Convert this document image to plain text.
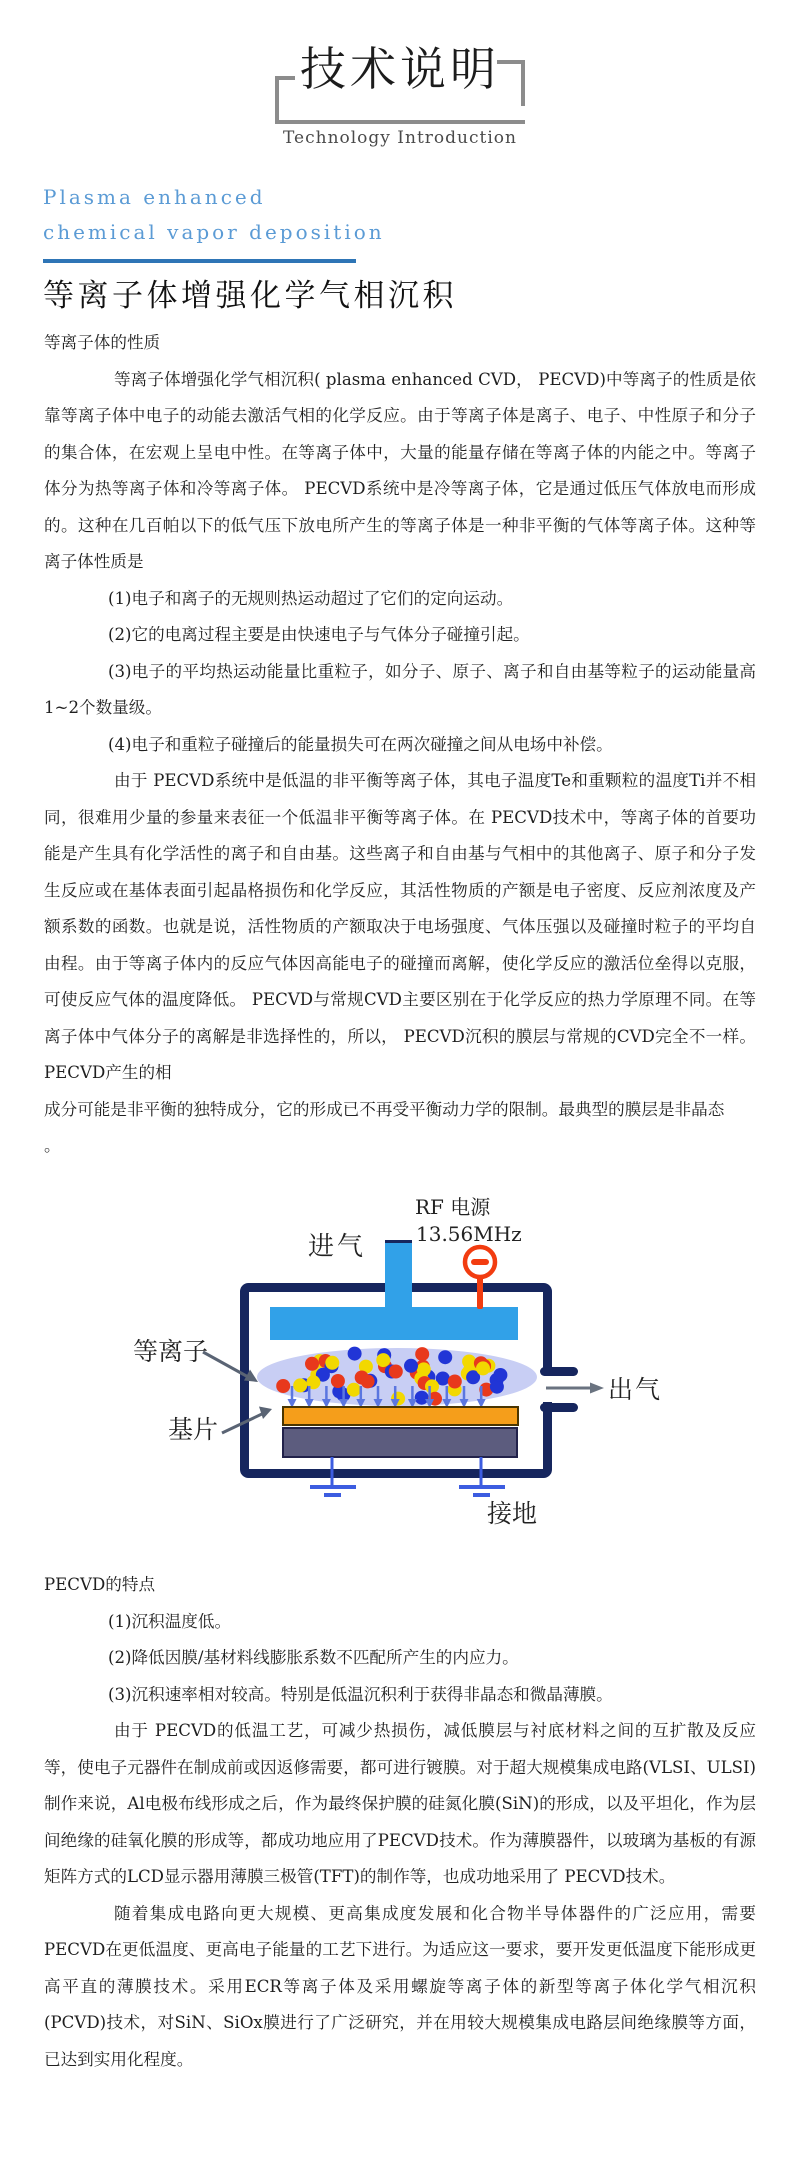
技术说明
Technology Introduction
Plasma enhanced
chemical vapor deposition
等离子体增强化学气相沉积

等离子体的性质

等离子体增强化学气相沉积( plasma enhanced CVD， PECVD)中等离子的性质是依靠等离子体中电子的动能去激活气相的化学反应。由于等离子体是离子、电子、中性原子和分子的集合体，在宏观上呈电中性。在等离子体中，大量的能量存储在等离子体的内能之中。等离子体分为热等离子体和冷等离子体。 PECVD系统中是冷等离子体，它是通过低压气体放电而形成的。这种在几百帕以下的低气压下放电所产生的等离子体是一种非平衡的气体等离子体。这种等离子体性质是

(1)电子和离子的无规则热运动超过了它们的定向运动。

(2)它的电离过程主要是由快速电子与气体分子碰撞引起。

(3)电子的平均热运动能量比重粒子，如分子、原子、离子和自由基等粒子的运动能量高1~2个数量级。

(4)电子和重粒子碰撞后的能量损失可在两次碰撞之间从电场中补偿。

由于 PECVD系统中是低温的非平衡等离子体，其电子温度Te和重颗粒的温度Ti并不相同，很难用少量的参量来表征一个低温非平衡等离子体。在 PECVD技术中，等离子体的首要功能是产生具有化学活性的离子和自由基。这些离子和自由基与气相中的其他离子、原子和分子发生反应或在基体表面引起晶格损伤和化学反应，其活性物质的产额是电子密度、反应剂浓度及产额系数的函数。也就是说，活性物质的产额取决于电场强度、气体压强以及碰撞时粒子的平均自由程。由于等离子体内的反应气体因高能电子的碰撞而离解，使化学反应的激活位垒得以克服，可使反应气体的温度降低。 PECVD与常规CVD主要区别在于化学反应的热力学原理不同。在等离子体中气体分子的离解是非选择性的，所以， PECVD沉积的膜层与常规的CVD完全不一样。 PECVD产生的相

成分可能是非平衡的独特成分，它的形成已不再受平衡动力学的限制。最典型的膜层是非晶态

。

PECVD的特点

(1)沉积温度低。

(2)降低因膜/基材料线膨胀系数不匹配所产生的内应力。

(3)沉积速率相对较高。特别是低温沉积利于获得非晶态和微晶薄膜。

由于 PECVD的低温工艺，可减少热损伤，减低膜层与衬底材料之间的互扩散及反应等，使电子元器件在制成前或因返修需要，都可进行镀膜。对于超大规模集成电路(VLSI、ULSI)制作来说，Al电极布线形成之后，作为最终保护膜的硅氮化膜(SiN)的形成，以及平坦化，作为层间绝缘的硅氧化膜的形成等，都成功地应用了PECVD技术。作为薄膜器件，以玻璃为基板的有源矩阵方式的LCD显示器用薄膜三极管(TFT)的制作等，也成功地采用了 PECVD技术。

随着集成电路向更大规模、更高集成度发展和化合物半导体器件的广泛应用，需要PECVD在更低温度、更高电子能量的工艺下进行。为适应这一要求，要开发更低温度下能形成更高平直的薄膜技术。采用ECR等离子体及采用螺旋等离子体的新型等离子体化学气相沉积(PCVD)技术，对SiN、SiOx膜进行了广泛研究，并在用较大规模集成电路层间绝缘膜等方面，已达到实用化程度。

RF 电源
13.56MHz
进气
等离子
基片
出气
接地
